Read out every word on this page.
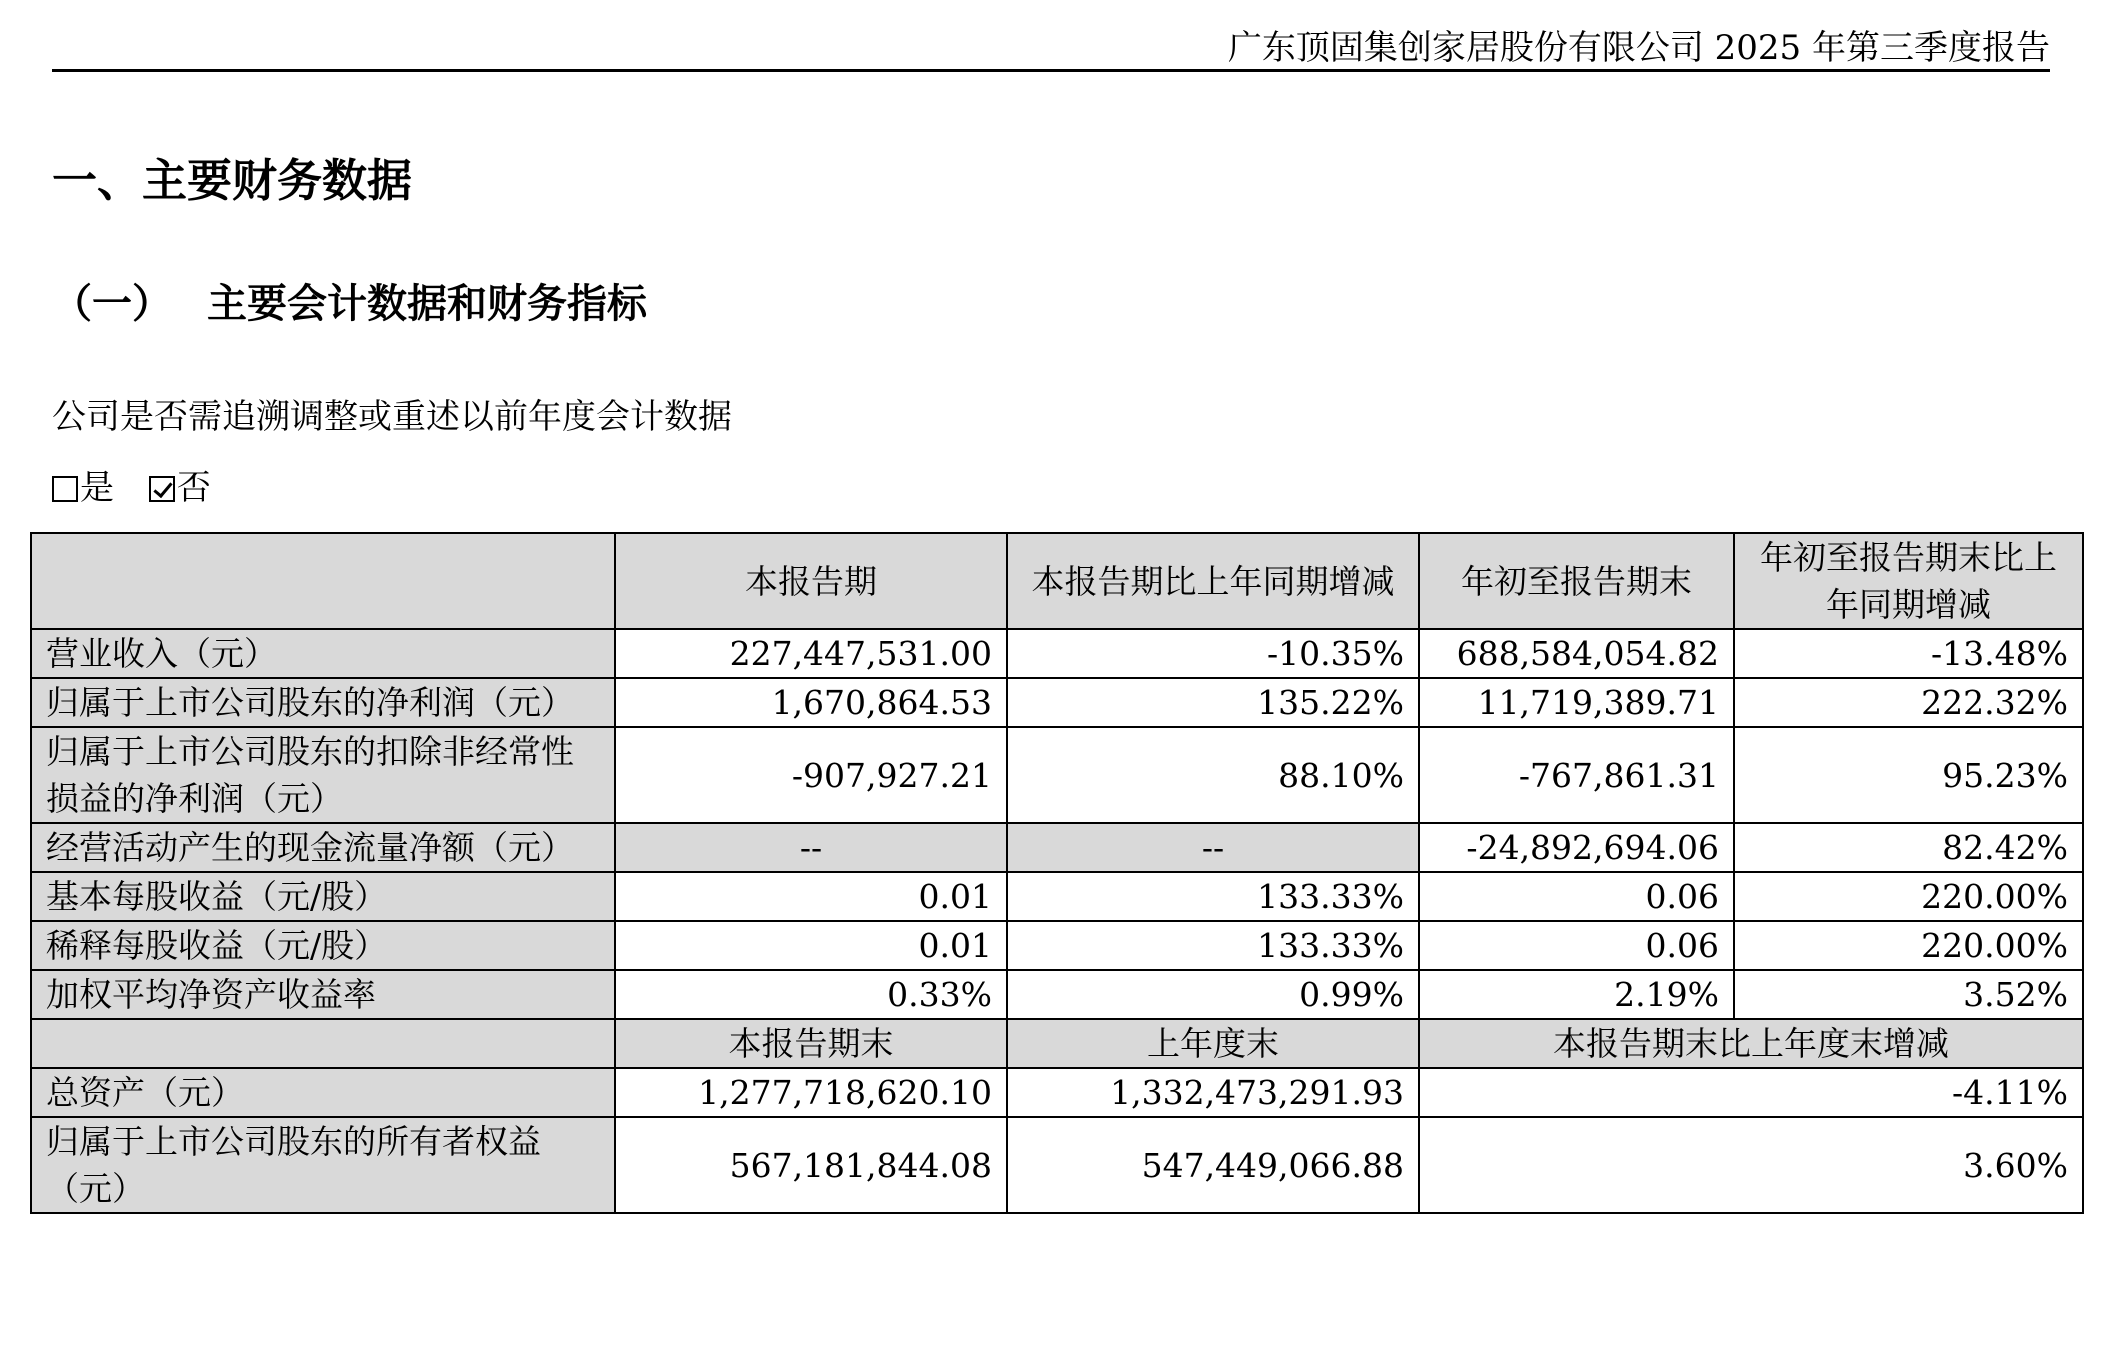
广东顶固集创家居股份有限公司 2025 年第三季度报告
一、主要财务数据
（一） 主要会计数据和财务指标
公司是否需追溯调整或重述以前年度会计数据
是 否
	本报告期	本报告期比上年同期增减	年初至报告期末	年初至报告期末比上年同期增减
营业收入（元）	227,447,531.00	-10.35%	688,584,054.82	-13.48%
归属于上市公司股东的净利润（元）	1,670,864.53	135.22%	11,719,389.71	222.32%
归属于上市公司股东的扣除非经常性损益的净利润（元）	-907,927.21	88.10%	-767,861.31	95.23%
经营活动产生的现金流量净额（元）	--	--	-24,892,694.06	82.42%
基本每股收益（元/股）	0.01	133.33%	0.06	220.00%
稀释每股收益（元/股）	0.01	133.33%	0.06	220.00%
加权平均净资产收益率	0.33%	0.99%	2.19%	3.52%
	本报告期末	上年度末	本报告期末比上年度末增减	
总资产（元）	1,277,718,620.10	1,332,473,291.93	-4.11%	
归属于上市公司股东的所有者权益（元）	567,181,844.08	547,449,066.88	3.60%	
